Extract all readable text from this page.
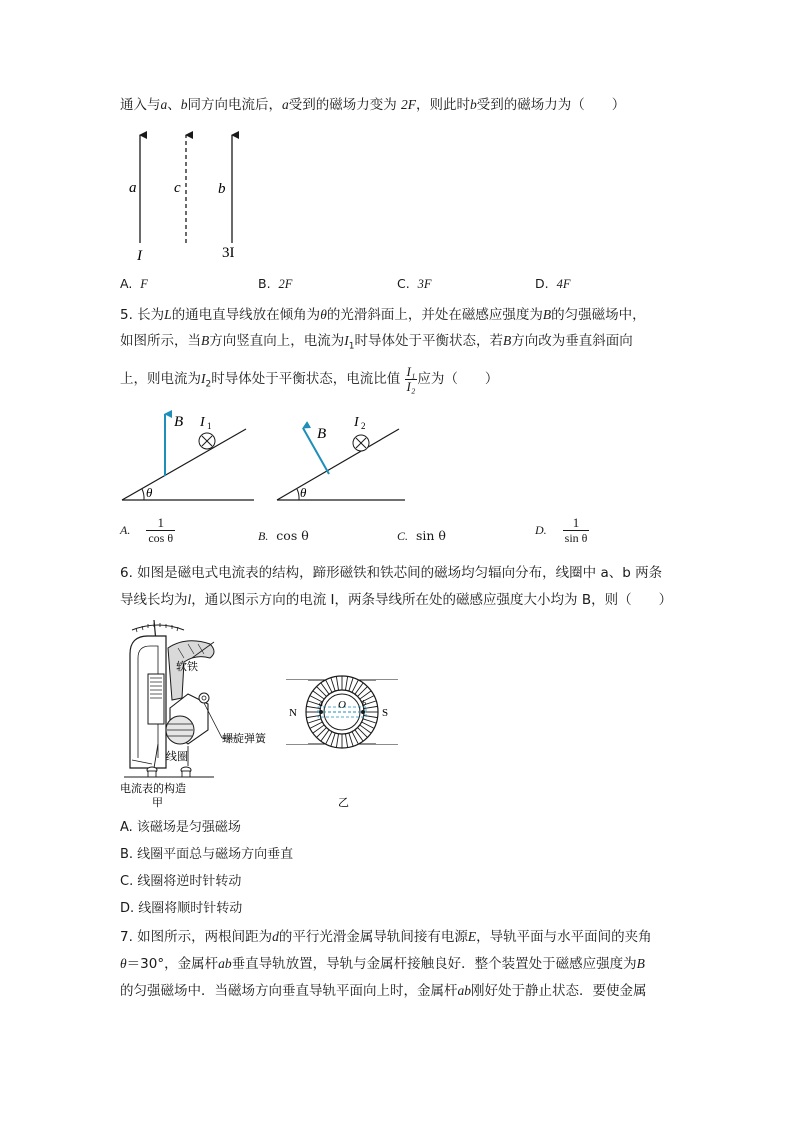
通入与a、b同方向电流后，a受到的磁场力变为 2F，则此时b受到的磁场力为（　　）
a	c b
I	3I
A. F	B. 2F	C. 3F	D. 4F
5. 长为L的通电直导线放在倾角为θ的光滑斜面上，并处在磁感应强度为B的匀强磁场中，
如图所示，当B方向竖直向上，电流为$I_1$时导体处于平衡状态，若B方向改为垂直斜面向
上，则电流为$I_2$时导体处于平衡状态，电流比值 $\frac{\text{I₁}}{\text{I₂}}$ 应为（　　）
θ
B I 1
θ
B
I 2
A. $\frac{1}{\text{cos θ}}$	B. cos θ	C. sin θ	D. $\frac{1}{\text{sin θ}}$
6. 如图是磁电式电流表的结构，蹄形磁铁和铁芯间的磁场均匀辐向分布，线圈中 a、b 两条
导线长均为l，通以图示方向的电流 I，两条导线所在处的磁感应强度大小均为 B，则（　　）
软铁
螺旋弹簧
线圈
电流表的构造
甲
O
a	b
N	S
乙
A. 该磁场是匀强磁场
B. 线圈平面总与磁场方向垂直
C. 线圈将逆时针转动
D. 线圈将顺时针转动
7. 如图所示，两根间距为d的平行光滑金属导轨间接有电源E，导轨平面与水平面间的夹角
θ＝30°，金属杆ab垂直导轨放置，导轨与金属杆接触良好．整个装置处于磁感应强度为B
的匀强磁场中．当磁场方向垂直导轨平面向上时，金属杆ab刚好处于静止状态．要使金属
